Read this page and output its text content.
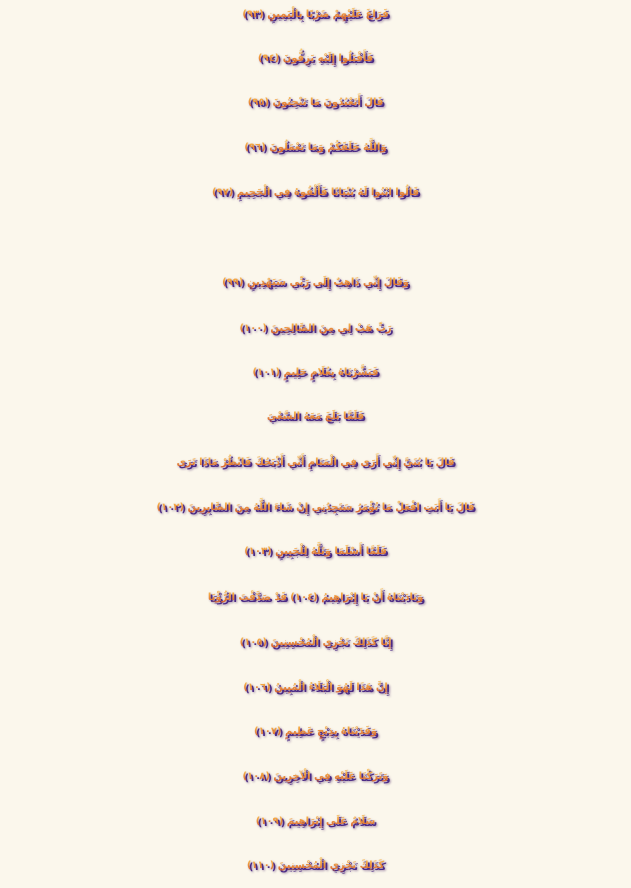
فَرَاغَ عَلَيْهِمْ ضَرْبًا بِالْيَمِينِ (٩٣)
فَأَقْبَلُوا إِلَيْهِ يَزِفُّونَ (٩٤)
قَالَ أَتَعْبُدُونَ مَا تَنْحِتُونَ (٩٥)
وَاللَّهُ خَلَقَكُمْ وَمَا تَعْمَلُونَ (٩٦)
قَالُوا ابْنُوا لَهُ بُنْيَانًا فَأَلْقُوهُ فِي الْجَحِيمِ (٩٧)
وَقَالَ إِنِّي ذَاهِبٌ إِلَى رَبِّي سَيَهْدِينِ (٩٩)
رَبِّ هَبْ لِي مِنَ الصَّالِحِينَ (١٠٠)
فَبَشَّرْنَاهُ بِغُلَامٍ حَلِيمٍ (١٠١)
فَلَمَّا بَلَغَ مَعَهُ السَّعْيَ
قَالَ يَا بُنَيَّ إِنِّي أَرَى فِي الْمَنَامِ أَنِّي أَذْبَحُكَ فَانْظُرْ مَاذَا تَرَى
قَالَ يَا أَبَتِ افْعَلْ مَا تُؤْمَرُ سَتَجِدُنِي إِنْ شَاءَ اللَّهُ مِنَ الصَّابِرِينَ (١٠٢)
فَلَمَّا أَسْلَمَا وَتَلَّهُ لِلْجَبِينِ (١٠٣)
وَنَادَيْنَاهُ أَنْ يَا إِبْرَاهِيمُ (١٠٤) قَدْ صَدَّقْتَ الرُّؤْيَا
إِنَّا كَذَلِكَ نَجْزِي الْمُحْسِنِينَ (١٠٥)
إِنَّ هَذَا لَهُوَ الْبَلَاءُ الْمُبِينُ (١٠٦)
وَفَدَيْنَاهُ بِذِبْحٍ عَظِيمٍ (١٠٧)
وَتَرَكْنَا عَلَيْهِ فِي الْآخِرِينَ (١٠٨)
سَلَامٌ عَلَى إِبْرَاهِيمَ (١٠٩)
كَذَلِكَ نَجْزِي الْمُحْسِنِينَ (١١٠)
